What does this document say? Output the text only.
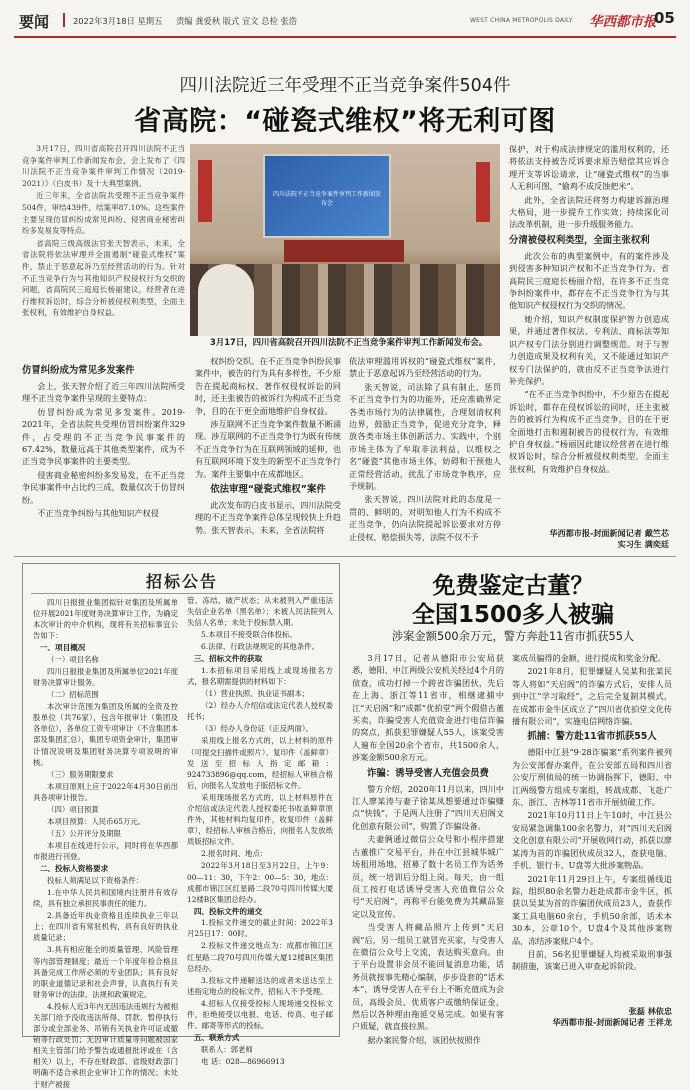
要闻	2022年3月18日 星期五 责编 龚爱秋 版式 宣文 总检 张浩	WEST CHINA METROPOLIS DAILY 华西都市报
05
四川法院近三年受理不正当竞争案件504件
省高院：“碰瓷式维权”将无利可图

3月17日，四川省高院召开四川法院不正当竞争案件审判工作新闻发布会，会上发布了《四川法院不正当竞争案件审判工作情况（2019-2021）》（白皮书）及十大典型案例。

近三年来，全省法院共受理不正当竞争案件504件，审结439件，结案率87.10%。这些案件主要呈现仿冒纠纷成常见纠纷、侵害商业秘密纠纷多发易发等特点。

省高院三级高级法官张天智表示，未来，全省法院将依法审理并全面遏制“碰瓷式维权”案件，禁止于恶意起诉乃至经营活动的行为。针对不正当竞争行为与其他知识产权侵权行为交织的问题，省高院民三庭庭长杨丽建议，经营者在进行维权诉讼时，综合分析被侵权利类型，全面主张权利，有效维护自身权益。

四川法院不正当竞争案件审判工作新闻发布会
3月17日，四川省高院召开四川法院不正当竞争案件审判工作新闻发布会。
仿冒纠纷成为常见多发案件

会上，张天智介绍了近三年四川法院所受理不正当竞争案件呈现的主要特点：

仿冒纠纷成为常见多发案件。2019-2021年，全省法院共受理仿冒纠纷案件329件，占受理的不正当竞争民事案件的67.42%，数量远高于其他类型案件，成为不正当竞争民事案件的主要类型。

侵害商业秘密纠纷多发易发，在不正当竞争民事案件中占比约三成，数量仅次于仿冒纠纷。

不正当竞争纠纷与其他知识产权侵

权纠纷交织。在不正当竞争纠纷民事案件中，被告的行为具有多样性，不少原告在提起商标权、著作权侵权诉讼的同时，还主张被告的被诉行为构成不正当竞争，目的在于更全面地维护自身权益。

涉互联网不正当竞争案件数量不断涌现。涉互联网的不正当竞争行为既有传统不正当竞争行为在互联网领域的延伸，也有互联网环境下发生的新型不正当竞争行为。案件主要集中在成都地区。

依法审理“碰瓷式维权”案件

此次发布的白皮书显示，四川法院受理的不正当竞争案件总体呈现较快上升趋势。张天智表示，未来，全省法院将

依法审理滥用诉权的“碰瓷式维权”案件，禁止于恶意起诉乃至经营活动的行为。

张天智说，司法除了具有制止、惩罚不正当竞争行为的功能外，还应准确界定各类市场行为的法律属性，合理划清权利边界，鼓励正当竞争，促进充分竞争，释放各类市场主体创新活力。实践中，个别市场主体为了牟取非法利益，以维权之名“碰瓷”其他市场主体，妨碍和干预他人正常经营活动，扰乱了市场竞争秩序，应予规制。

张天智说，四川法院对此的态度是一贯的、鲜明的，对明知他人行为不构成不正当竞争，仍向法院提起诉讼要求对方停止侵权、赔偿损失等，法院不仅不予

保护，对于构成法律规定的滥用权利的，还将依法支持被告反诉要求原告赔偿其应诉合理开支等诉讼请求，让“碰瓷式维权”的当事人无利可图，“偷鸡不成反蚀把米”。

此外，全省法院还将努力构建诉源治理大格局，进一步提升工作实效；持续深化司法改革机制，进一步升级服务能力。

分清被侵权利类型，全面主张权利

此次公布的典型案例中，有的案件涉及到侵害多种知识产权和不正当竞争行为。省高院民三庭庭长杨丽介绍，在许多不正当竞争纠纷案件中，都存在不正当竞争行为与其他知识产权侵权行为交织的情况。

她介绍，知识产权制度保护智力创造成果，并通过著作权法、专利法、商标法等知识产权专门法分别进行调整规范。对于与智力创造成果及权利有关，又不能通过知识产权专门法保护的，就由反不正当竞争法进行补充保护。

“在不正当竞争纠纷中，不少原告在提起诉讼时，都存在侵权诉讼的同时，还主张被告的被诉行为构成不正当竞争，目的在于更全面地打击和遏制被告的侵权行为，有效维护自身权益。”杨丽因此建议经营者在进行维权诉讼时，综合分析被侵权利类型，全面主张权利，有效维护自身权益。

华西都市报-封面新闻记者 戴竺芯
实习生 满奕廷
招标公告

四川日报报业集团拟针对集团及所属单位开展2021年度财务决算审计工作，为确定本次审计的中介机构，现将有关招标事宜公告如下：

一、项目概况

（一）项目名称

四川日报报业集团及所属单位2021年度财务决算审计服务。

（二）招标范围

本次审计范围为集团及所属的全资及控股单位（共76家），包含年报审计（集团及各单位），各单位工资专项审计（不含集团本部及集团汇总），集团专项资金审计，集团审计情况说明及集团财务决算专项说明的审核。

（三）服务期限要求

本项目原则上应于2022年4月30日前出具各项审计报告。

（四）项目预算

本项目预算：人民币65万元。

（五）公开评分及期限

本项目在线进行公示，同时将在华西都市报进行刊登。

二、投标人资格要求

投标人须满足以下资格条件：

1.在中华人民共和国境内注册并有效存续，具有独立承担民事责任的能力。

2.具备近年执业资格且连续执业三年以上；在四川省有常驻机构，具有良好的执业质量记录；

3.具有相应能全的质量管理、风险管理等内部管理制度；最近一个年度年检合格且具备完成工作所必须的专业团队；具有良好的职业道德记录和社会声誉，认真执行有关财务审计的法律、法规和政策规定。

4.投标人近3年内无因违法违规行为被相关部门给予没收违法所得、罚款、暂停执行部分或全部业务、吊销有关执业许可证或撤销等行政处罚；无因审计质量等问题被国家相关主管部门给予警告或通报批评或在（含相关）以上，不存在财政部、省级财政部门明确不适合承担企业审计工作的情况；未处于财产被接

管、冻结、破产状态；从未被列入严重违法失信企业名单（黑名单）；未被人民法院列入失信人名单；未处于投标禁入期。

5.本项目不接受联合体投标。

6.法律、行政法规规定的其他条件。

三、招标文件的获取

1.本招标项目采用线上或现场报名方式，报名期需提供的材料如下：

（1）营业执照、执业证书副本；

（2）经办人介绍信或法定代表人授权委托书；

（3）经办人身份证（正反两面）。

采用线上报名方式的，以上材料的原件（可提交扫描件或照片）、复印件（盖鲜章）发送至招标人指定邮箱：924733896@qq.com，经招标人审核合格后，向报名人发放电子版招标文件。

采用现场报名方式的，以上材料原件在介绍信或法定代表人授权委托书收盖鲜章原件外，其他材料均复印件，收复印件（盖鲜章），经招标人审核合格后，向报名人发放纸质版招标文件。

2.报名时间、地点：

2022年3月18日至3月22日，上午9：00—11：30，下午2：00—5：30，地点：成都市锦江区红星路二段70号四川传媒大厦12楼B区集团总经办。

四、投标文件的递交

1.投标文件递交的截止时间：2022年3月25日17：00时。

2.投标文件递交地点为：成都市锦江区红星路二段70号四川传媒大厦12楼B区集团总经办。

3.投标文件递解送达的或者未送达至上述指定地点的投标文件，招标人不予受理。

4.招标人仅接受投标人现场递交投标文件，拒绝接受以电报、电话、传真、电子邮件、邮寄等形式的投标。

五、联系方式

联系人：郭老师

电 话：028—86966913

免费鉴定古董？
全国1500多人被骗
涉案金额500余万元，警方奔赴11省市抓获55人

3月17日，记者从德阳市公安局获悉，德阳、中江两级公安机关经过4个月的侦查，成功打掉一个跨省诈骗团伙，先后在上海、浙江等11省市，相继逮捕中江“天启阁”和“成都”优拍堂”两个假借古董买卖，诈骗受害人充值资金进行电信诈骗的窝点，抓获犯罪嫌疑人55人，该案受害人遍布全国20余个省市，共1500余人，涉案金额500余万元。

诈骗：诱导受害人充值会员费

警方介绍，2020年11月以来，四川中江人廖某涛与妻子徐某凤想要通过诈骗赚点“快钱”，于是两人注册了“四川天启阁文化创意有限公司”，购置了诈骗设备。

夫妻俩通过微信公众号和小程序搭建古董推广交易平台，并在中江县城华城广场租用场地，招募了数十名员工作为话务员，统一培训后分组上岗。每天，由一组员工按打电话诱导受害人充值微信公众号“天启阁”，再称平台能免费为其藏品鉴定以及宣传。

当受害人将藏品照片上传到“天启阁”后，另一组员工就冒充买家，与受害人在微信公众号上交流，表达购买意向。由于平台设置非会员不能回复消息功能，话务员就按事先精心编制，步步设套的“话术本”，诱导受害人在平台上不断充值成为会员，高级会员、优质客户或缴纳保证金，然后以各种理由拖延交易完成。如果有客户质疑，就直接拉黑。

据办案民警介绍，该团伙按照作

案成员骗得的金额，进行提成和奖金分配。

2021年8月，犯罪嫌疑人吴某和张某民等人将如“天启阁”的诈骗方式后，安排人员到中江“学习取经”，之后完全复制其模式，在成都市金牛区成立了“四川省优拍堂文化传播有限公司”，实施电信网络诈骗。

抓捕：警方赴11省市抓获55人

德阳中江县“9·28诈骗案”系列案件被列为公安部督办案件，在公安部五局和四川省公安厅刑侦局的统一协调指挥下，德阳、中江两级警方组成专案组，转战成都、飞赴广东、浙江、吉林等11省市开展侦破工作。

2021年10月11日上午10时，中江县公安局紧急调集100余名警力，对“四川天启阁文化创意有限公司”开展收网行动，抓获以廖某涛为首的诈骗团伙成员32人，查获电脑、手机、银行卡、U盘等大批涉案物品。

2021年11月29日上午，专案组循线追踪，组织80余名警力赶赴成都市金牛区，抓获以吴某为首的诈骗团伙成员23人，查获作案工具电脑60余台，手机50余部，话术本30本，公章10个，U盘4个及其他涉案物品，冻结涉案账户4个。

目前，56名犯罪嫌疑人均被采取刑事强制措施，该案已进入审查起诉阶段。

张磊 林依忠
华西都市报-封面新闻记者 王祥龙
